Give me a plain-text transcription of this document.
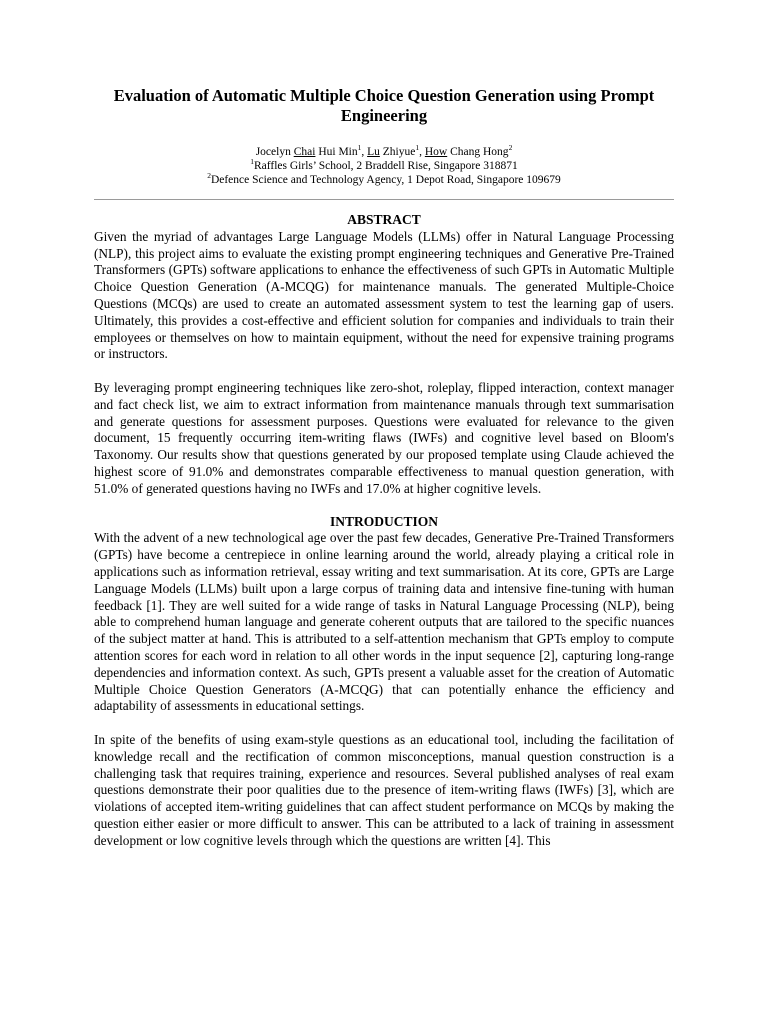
Evaluation of Automatic Multiple Choice Question Generation using Prompt Engineering
Jocelyn Chai Hui Min$^1$, Lu Zhiyue$^1$, How Chang Hong$^2$
$^1$Raffles Girls’ School, 2 Braddell Rise, Singapore 318871
$^2$Defence Science and Technology Agency, 1 Depot Road, Singapore 109679
ABSTRACT

Given the myriad of advantages Large Language Models (LLMs) offer in Natural Language Processing (NLP), this project aims to evaluate the existing prompt engineering techniques and Generative Pre-Trained Transformers (GPTs) software applications to enhance the effectiveness of such GPTs in Automatic Multiple Choice Question Generation (A-MCQG) for maintenance manuals. The generated Multiple-Choice Questions (MCQs) are used to create an automated assessment system to test the learning gap of users. Ultimately, this provides a cost-effective and efficient solution for companies and individuals to train their employees or themselves on how to maintain equipment, without the need for expensive training programs or instructors.

By leveraging prompt engineering techniques like zero-shot, roleplay, flipped interaction, context manager and fact check list, we aim to extract information from maintenance manuals through text summarisation and generate questions for assessment purposes. Questions were evaluated for relevance to the given document, 15 frequently occurring item-writing flaws (IWFs) and cognitive level based on Bloom's Taxonomy. Our results show that questions generated by our proposed template using Claude achieved the highest score of 91.0% and demonstrates comparable effectiveness to manual question generation, with 51.0% of generated questions having no IWFs and 17.0% at higher cognitive levels.

INTRODUCTION

With the advent of a new technological age over the past few decades, Generative Pre-Trained Transformers (GPTs) have become a centrepiece in online learning around the world, already playing a critical role in applications such as information retrieval, essay writing and text summarisation. At its core, GPTs are Large Language Models (LLMs) built upon a large corpus of training data and intensive fine-tuning with human feedback [1]. They are well suited for a wide range of tasks in Natural Language Processing (NLP), being able to comprehend human language and generate coherent outputs that are tailored to the specific nuances of the subject matter at hand. This is attributed to a self-attention mechanism that GPTs employ to compute attention scores for each word in relation to all other words in the input sequence [2], capturing long-range dependencies and information context. As such, GPTs present a valuable asset for the creation of Automatic Multiple Choice Question Generators (A-MCQG) that can potentially enhance the efficiency and adaptability of assessments in educational settings.

In spite of the benefits of using exam-style questions as an educational tool, including the facilitation of knowledge recall and the rectification of common misconceptions, manual question construction is a challenging task that requires training, experience and resources. Several published analyses of real exam questions demonstrate their poor qualities due to the presence of item-writing flaws (IWFs) [3], which are violations of accepted item-writing guidelines that can affect student performance on MCQs by making the question either easier or more difficult to answer. This can be attributed to a lack of training in assessment development or low cognitive levels through which the questions are written [4]. This
